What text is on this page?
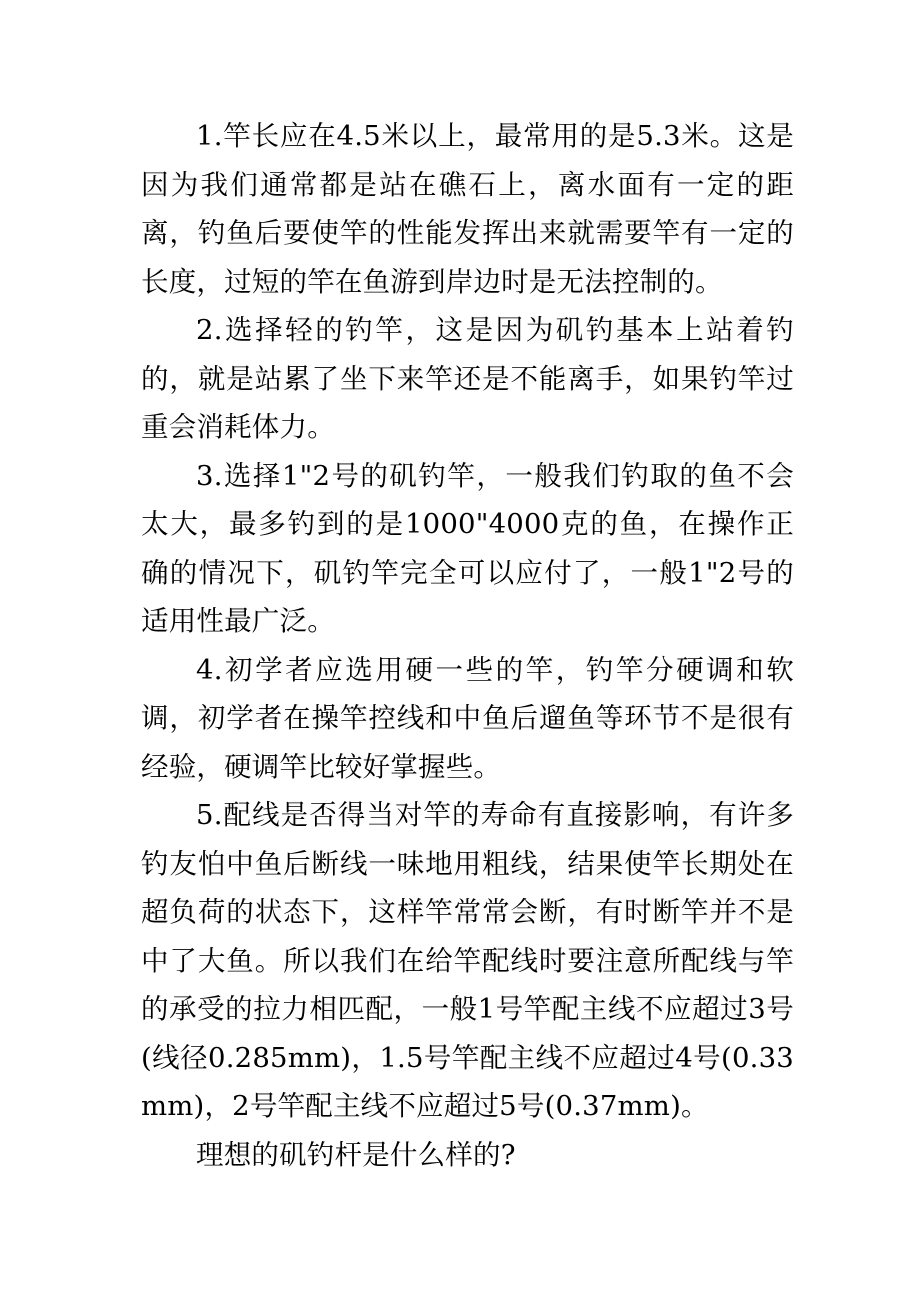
1.竿长应在4.5米以上，最常用的是5.3米。这是因为我们通常都是站在礁石上，离水面有一定的距离，钓鱼后要使竿的性能发挥出来就需要竿有一定的长度，过短的竿在鱼游到岸边时是无法控制的。

2.选择轻的钓竿，这是因为矶钓基本上站着钓的，就是站累了坐下来竿还是不能离手，如果钓竿过重会消耗体力。

3.选择1"2号的矶钓竿，一般我们钓取的鱼不会太大，最多钓到的是1000"4000克的鱼，在操作正确的情况下，矶钓竿完全可以应付了，一般1"2号的适用性最广泛。

4.初学者应选用硬一些的竿，钓竿分硬调和软调，初学者在操竿控线和中鱼后遛鱼等环节不是很有经验，硬调竿比较好掌握些。

5.配线是否得当对竿的寿命有直接影响，有许多钓友怕中鱼后断线一味地用粗线，结果使竿长期处在超负荷的状态下，这样竿常常会断，有时断竿并不是中了大鱼。所以我们在给竿配线时要注意所配线与竿的承受的拉力相匹配，一般1号竿配主线不应超过3号(线径0.285mm)，1.5号竿配主线不应超过4号(0.33mm)，2号竿配主线不应超过5号(0.37mm)。

理想的矶钓杆是什么样的?
